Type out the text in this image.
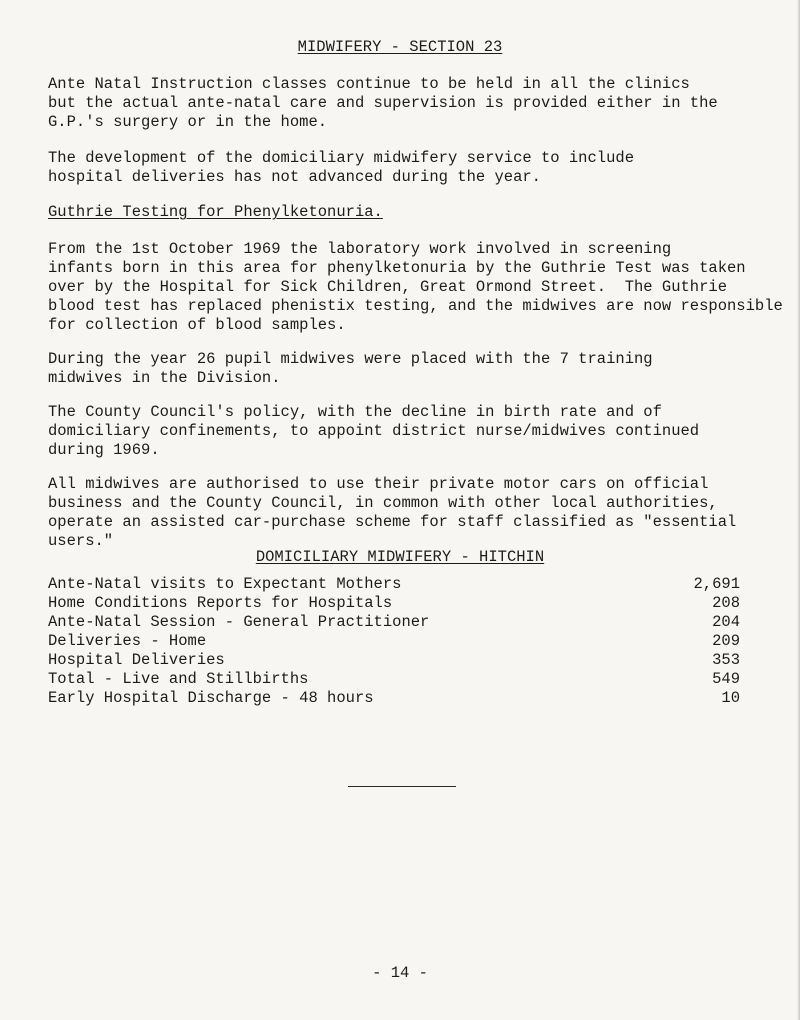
MIDWIFERY - SECTION 23
Ante Natal Instruction classes continue to be held in all the clinics
but the actual ante-natal care and supervision is provided either in the
G.P.'s surgery or in the home.
The development of the domiciliary midwifery service to include
hospital deliveries has not advanced during the year.
Guthrie Testing for Phenylketonuria.
From the 1st October 1969 the laboratory work involved in screening
infants born in this area for phenylketonuria by the Guthrie Test was taken
over by the Hospital for Sick Children, Great Ormond Street.  The Guthrie
blood test has replaced phenistix testing, and the midwives are now responsible
for collection of blood samples.
During the year 26 pupil midwives were placed with the 7 training
midwives in the Division.
The County Council's policy, with the decline in birth rate and of
domiciliary confinements, to appoint district nurse/midwives continued
during 1969.
All midwives are authorised to use their private motor cars on official
business and the County Council, in common with other local authorities,
operate an assisted car-purchase scheme for staff classified as "essential
users."
DOMICILIARY MIDWIFERY - HITCHIN
Ante-Natal visits to Expectant Mothers	2,691
Home Conditions Reports for Hospitals	208
Ante-Natal Session - General Practitioner	204
Deliveries - Home	209
Hospital Deliveries	353
Total - Live and Stillbirths	549
Early Hospital Discharge - 48 hours	10
- 14 -
